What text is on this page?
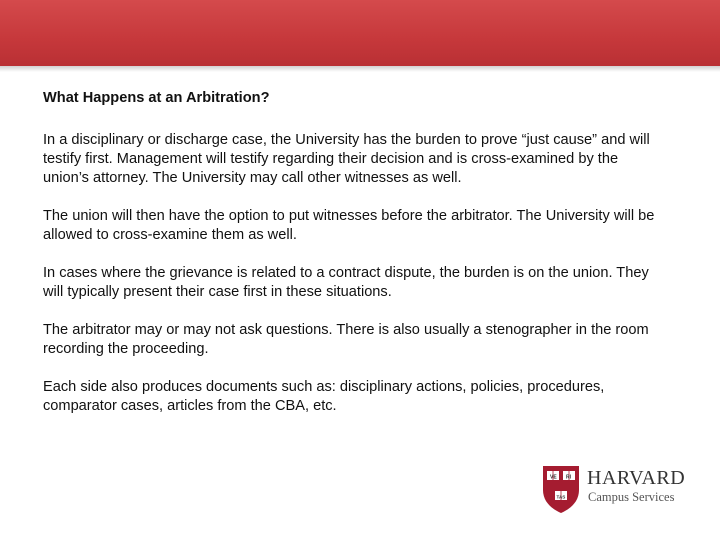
What Happens at an Arbitration?

In a disciplinary or discharge case, the University has the burden to prove “just cause” and will testify first. Management will testify regarding their decision and is cross-examined by the union’s attorney. The University may call other witnesses as well.

The union will then have the option to put witnesses before the arbitrator. The University will be allowed to cross-examine them as well.

In cases where the grievance is related to a contract dispute, the burden is on the union. They will typically present their case first in these situations.

The arbitrator may or may not ask questions. There is also usually a stenographer in the room recording the proceeding.

Each side also produces documents such as: disciplinary actions, policies, procedures, comparator cases, articles from the CBA, etc.

VE RI
TAS
HARVARD
Campus Services
